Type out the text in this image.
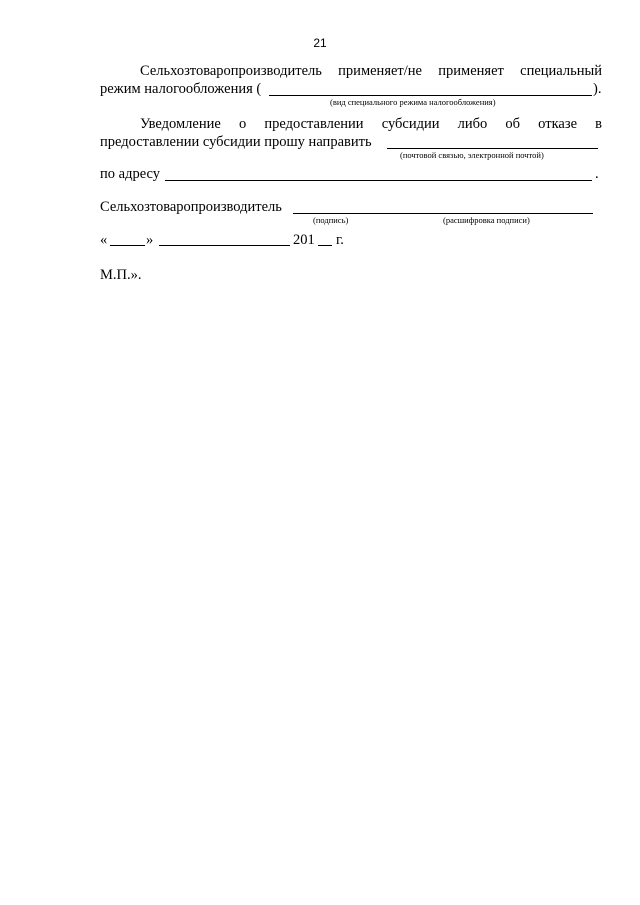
21
Сельхозтоваропроизводитель применяет/не применяет специальный
режим налогообложения (	).
(вид специального режима налогообложения)
Уведомление о предоставлении субсидии либо об отказе в
предоставлении субсидии прошу направить
(почтовой связью, электронной почтой)
по адресу	.
Сельхозтоваропроизводитель
(подпись)	(расшифровка подписи)
«	»	201 г.
М.П.».
